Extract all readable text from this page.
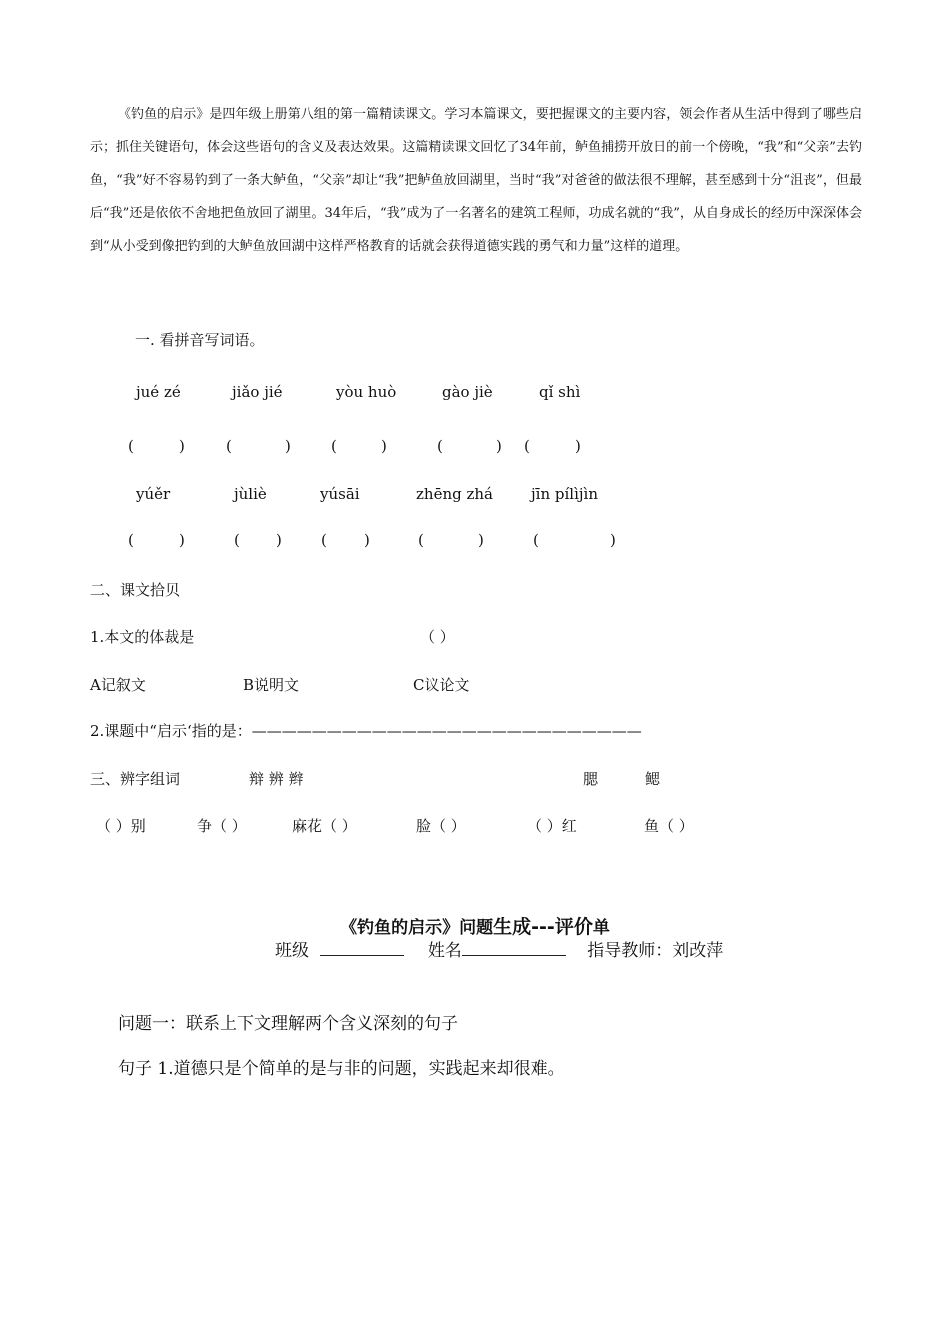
《钓鱼的启示》是四年级上册第八组的第一篇精读课文。学习本篇课文，要把握课文的主要内容，领会作者从生活中得到了哪些启示；抓住关键语句，体会这些语句的含义及表达效果。这篇精读课文回忆了34年前，鲈鱼捕捞开放日的前一个傍晚，“我”和“父亲”去钓鱼，“我”好不容易钓到了一条大鲈鱼，“父亲”却让“我”把鲈鱼放回湖里，当时“我”对爸爸的做法很不理解，甚至感到十分“沮丧”，但最后“我”还是依依不舍地把鱼放回了湖里。34年后，“我”成为了一名著名的建筑工程师，功成名就的“我”，从自身成长的经历中深深体会到“从小受到像把钓到的大鲈鱼放回湖中这样严格教育的话就会获得道德实践的勇气和力量”这样的道理。

一. 看拼音写词语。
jué zé	jiǎo jié	yòu huò	gào jiè	qǐ shì
(	)	(	)	(	)	(	) (	)
yúěr	jùliè	yúsāi	zhēng zhá	jīn pílìjìn
(	)	( )	( )	(	)	(	)
二、课文拾贝
1.本文的体裁是	（ ）
A记叙文	B说明文	C议论文
2.课题中“启示‘指的是：——————————————————————————
三、辨字组词	辩 辨 辫	腮	鳃
（ ）别	争（ ）	麻花（ ）	脸（ ）	（ ）红	鱼（ ）
《钓鱼的启示》问题生成---评价单
班级	姓名	指导教师：刘改萍
问题一：联系上下文理解两个含义深刻的句子
句子 1.道德只是个简单的是与非的问题，实践起来却很难。
